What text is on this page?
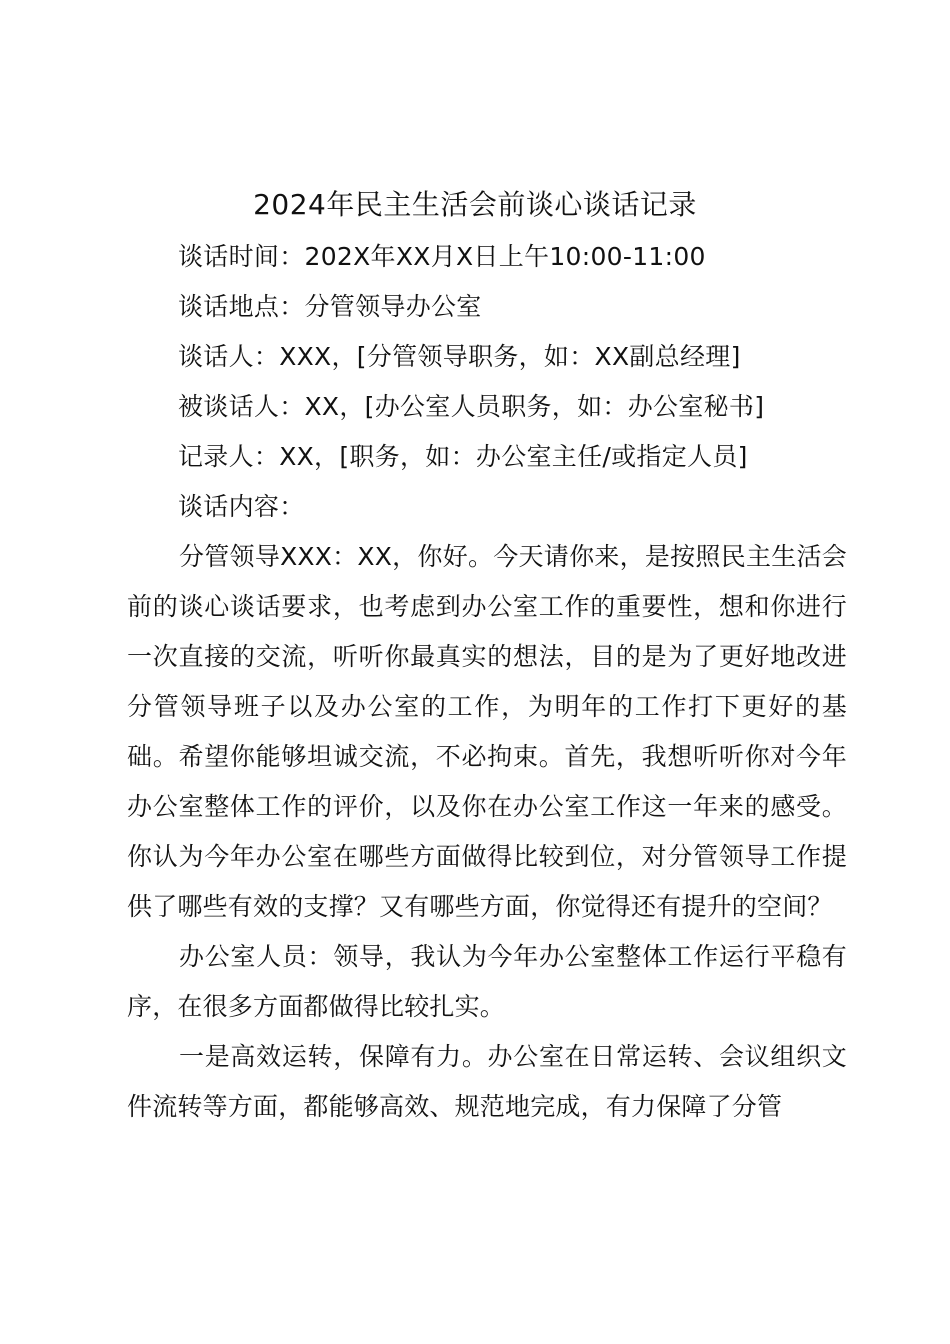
2024年民主生活会前谈心谈话记录
谈话时间：202X年XX月X日上午10:00-11:00
谈话地点：分管领导办公室
谈话人：XXX，[分管领导职务，如：XX副总经理]
被谈话人：XX，[办公室人员职务，如：办公室秘书]
记录人：XX，[职务，如：办公室主任/或指定人员]
谈话内容：

分管领导XXX：XX，你好。今天请你来，是按照民主生活会前的谈心谈话要求，也考虑到办公室工作的重要性，想和你进行一次直接的交流，听听你最真实的想法，目的是为了更好地改进分管领导班子以及办公室的工作，为明年的工作打下更好的基础。希望你能够坦诚交流，不必拘束。首先，我想听听你对今年办公室整体工作的评价，以及你在办公室工作这一年来的感受。你认为今年办公室在哪些方面做得比较到位，对分管领导工作提供了哪些有效的支撑？又有哪些方面，你觉得还有提升的空间？

办公室人员：领导，我认为今年办公室整体工作运行平稳有序，在很多方面都做得比较扎实。

一是高效运转，保障有力。办公室在日常运转、会议组织文件流转等方面，都能够高效、规范地完成，有力保障了分管
